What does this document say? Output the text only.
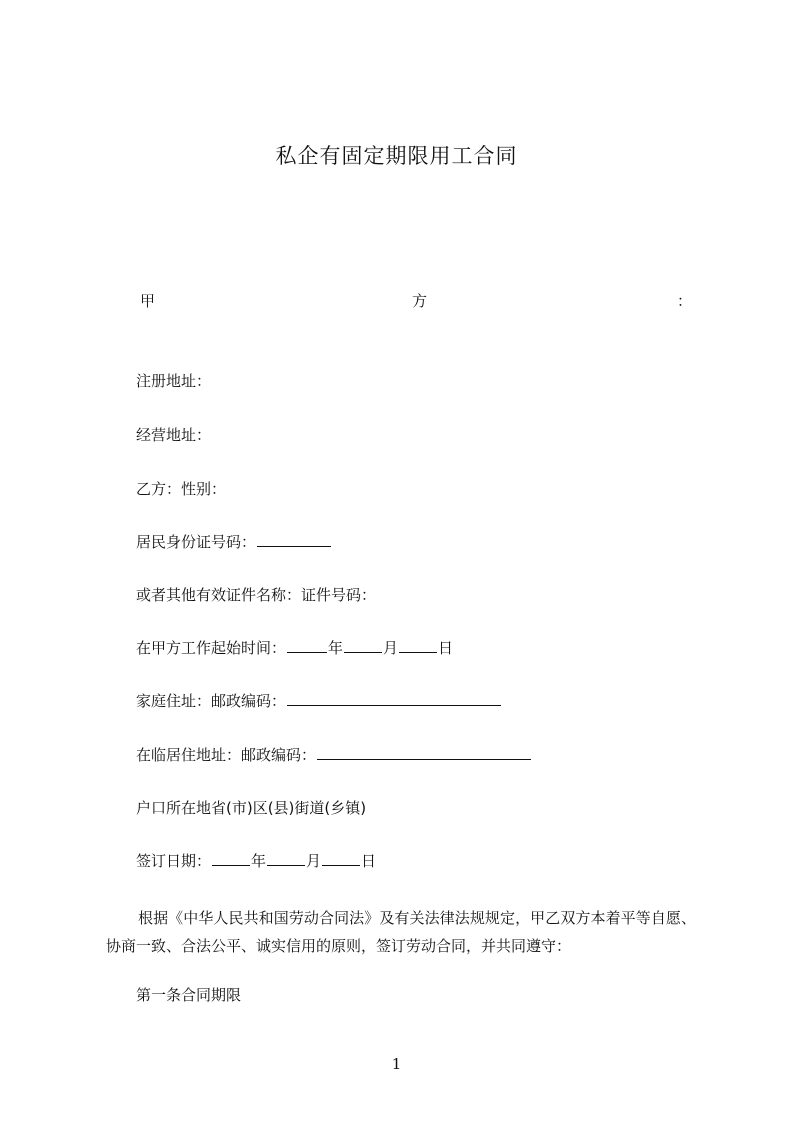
私企有固定期限用工合同
甲	方	：
注册地址：
经营地址：
乙方：性别：
居民身份证号码：
或者其他有效证件名称：证件号码：
在甲方工作起始时间：	年	月	日
家庭住址：邮政编码：
在临居住地址：邮政编码：
户口所在地省(市)区(县)街道(乡镇)
签订日期：	年	月	日
根据《中华人民共和国劳动合同法》及有关法律法规规定，甲乙双方本着平等自愿、协商一致、合法公平、诚实信用的原则，签订劳动合同，并共同遵守：
第一条合同期限
1
